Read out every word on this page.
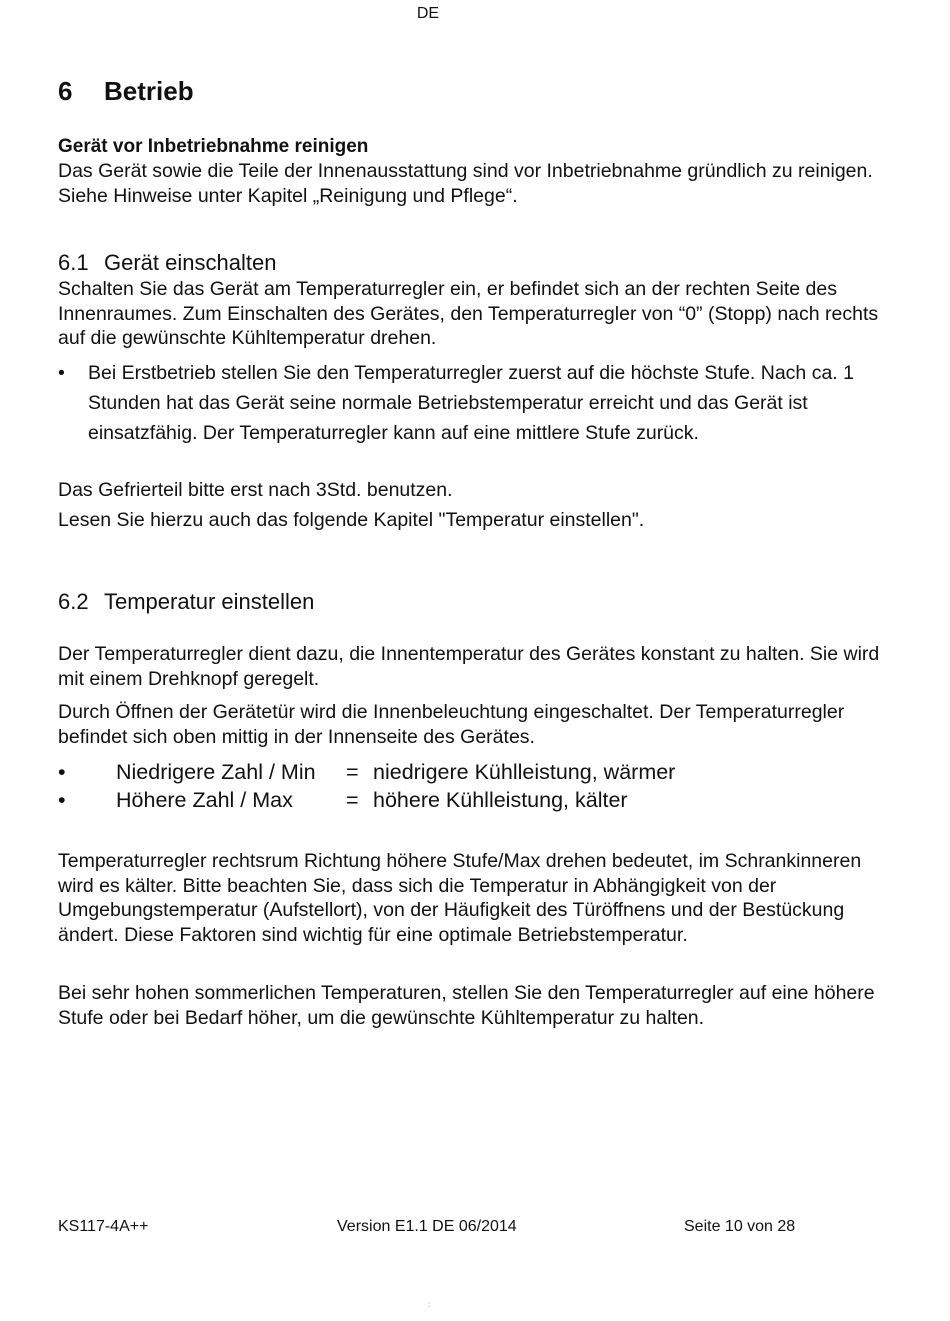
DE
6 Betrieb
Gerät vor Inbetriebnahme reinigen
Das Gerät sowie die Teile der Innenausstattung sind vor Inbetriebnahme gründlich zu reinigen. Siehe Hinweise unter Kapitel „Reinigung und Pflege“.
6.1 Gerät einschalten
Schalten Sie das Gerät am Temperaturregler ein, er befindet sich an der rechten Seite des Innenraumes. Zum Einschalten des Gerätes, den Temperaturregler von “0” (Stopp) nach rechts auf die gewünschte Kühltemperatur drehen.
•	Bei Erstbetrieb stellen Sie den Temperaturregler zuerst auf die höchste Stufe. Nach ca. 1 Stunden hat das Gerät seine normale Betriebstemperatur erreicht und das Gerät ist einsatzfähig. Der Temperaturregler kann auf eine mittlere Stufe zurück.
Das Gefrierteil bitte erst nach 3Std. benutzen.
Lesen Sie hierzu auch das folgende Kapitel "Temperatur einstellen".
6.2 Temperatur einstellen
Der Temperaturregler dient dazu, die Innentemperatur des Gerätes konstant zu halten. Sie wird mit einem Drehknopf geregelt.
Durch Öffnen der Gerätetür wird die Innenbeleuchtung eingeschaltet. Der Temperaturregler befindet sich oben mittig in der Innenseite des Gerätes.
• Niedrigere Zahl / Min = niedrigere Kühlleistung, wärmer
• Höhere Zahl / Max = höhere Kühlleistung, kälter
Temperaturregler rechtsrum Richtung höhere Stufe/Max drehen bedeutet, im Schrankinneren wird es kälter. Bitte beachten Sie, dass sich die Temperatur in Abhängigkeit von der Umgebungstemperatur (Aufstellort), von der Häufigkeit des Türöffnens und der Bestückung ändert. Diese Faktoren sind wichtig für eine optimale Betriebstemperatur.
Bei sehr hohen sommerlichen Temperaturen, stellen Sie den Temperaturregler auf eine höhere Stufe oder bei Bedarf höher, um die gewünschte Kühltemperatur zu halten.
KS117-4A++	Version E1.1 DE 06/2014	Seite 10 von 28
:
